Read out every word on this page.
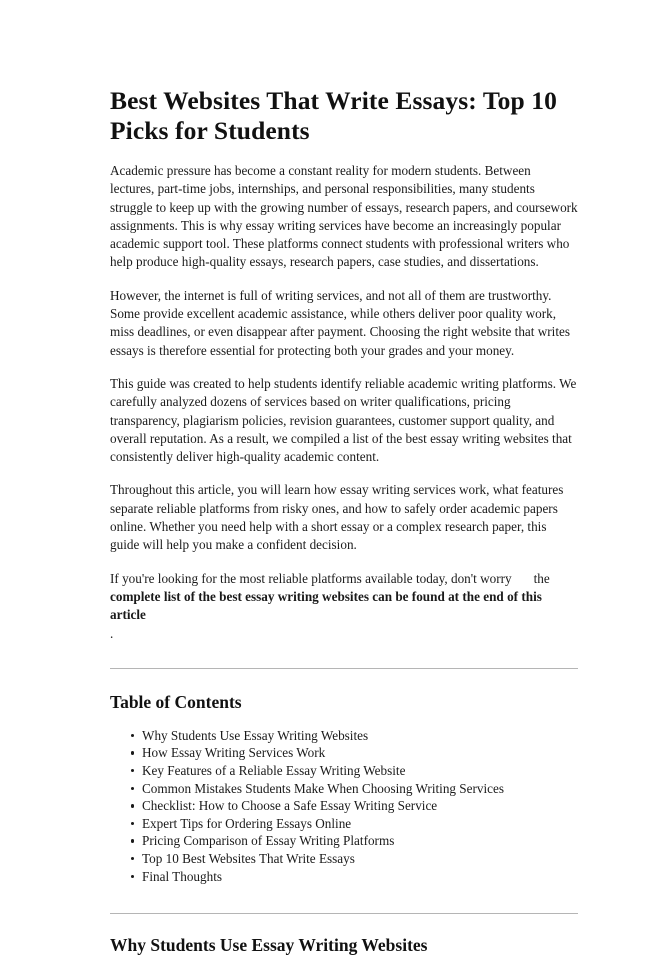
Best Websites That Write Essays: Top 10 Picks for Students

Academic pressure has become a constant reality for modern students. Between lectures, part-time jobs, internships, and personal responsibilities, many students struggle to keep up with the growing number of essays, research papers, and coursework assignments. This is why essay writing services have become an increasingly popular academic support tool. These platforms connect students with professional writers who help produce high-quality essays, research papers, case studies, and dissertations.

However, the internet is full of writing services, and not all of them are trustworthy. Some provide excellent academic assistance, while others deliver poor quality work, miss deadlines, or even disappear after payment. Choosing the right website that writes essays is therefore essential for protecting both your grades and your money.

This guide was created to help students identify reliable academic writing platforms. We carefully analyzed dozens of services based on writer qualifications, pricing transparency, plagiarism policies, revision guarantees, customer support quality, and overall reputation. As a result, we compiled a list of the best essay writing websites that consistently deliver high-quality academic content.

Throughout this article, you will learn how essay writing services work, what features separate reliable platforms from risky ones, and how to safely order academic papers online. Whether you need help with a short essay or a complex research paper, this guide will help you make a confident decision.

If you're looking for the most reliable platforms available today, don't worry the complete list of the best essay writing websites can be found at the end of this article
.

Table of Contents
Why Students Use Essay Writing Websites
How Essay Writing Services Work
Key Features of a Reliable Essay Writing Website
Common Mistakes Students Make When Choosing Writing Services
Checklist: How to Choose a Safe Essay Writing Service
Expert Tips for Ordering Essays Online
Pricing Comparison of Essay Writing Platforms
Top 10 Best Websites That Write Essays
Final Thoughts
Why Students Use Essay Writing Websites
